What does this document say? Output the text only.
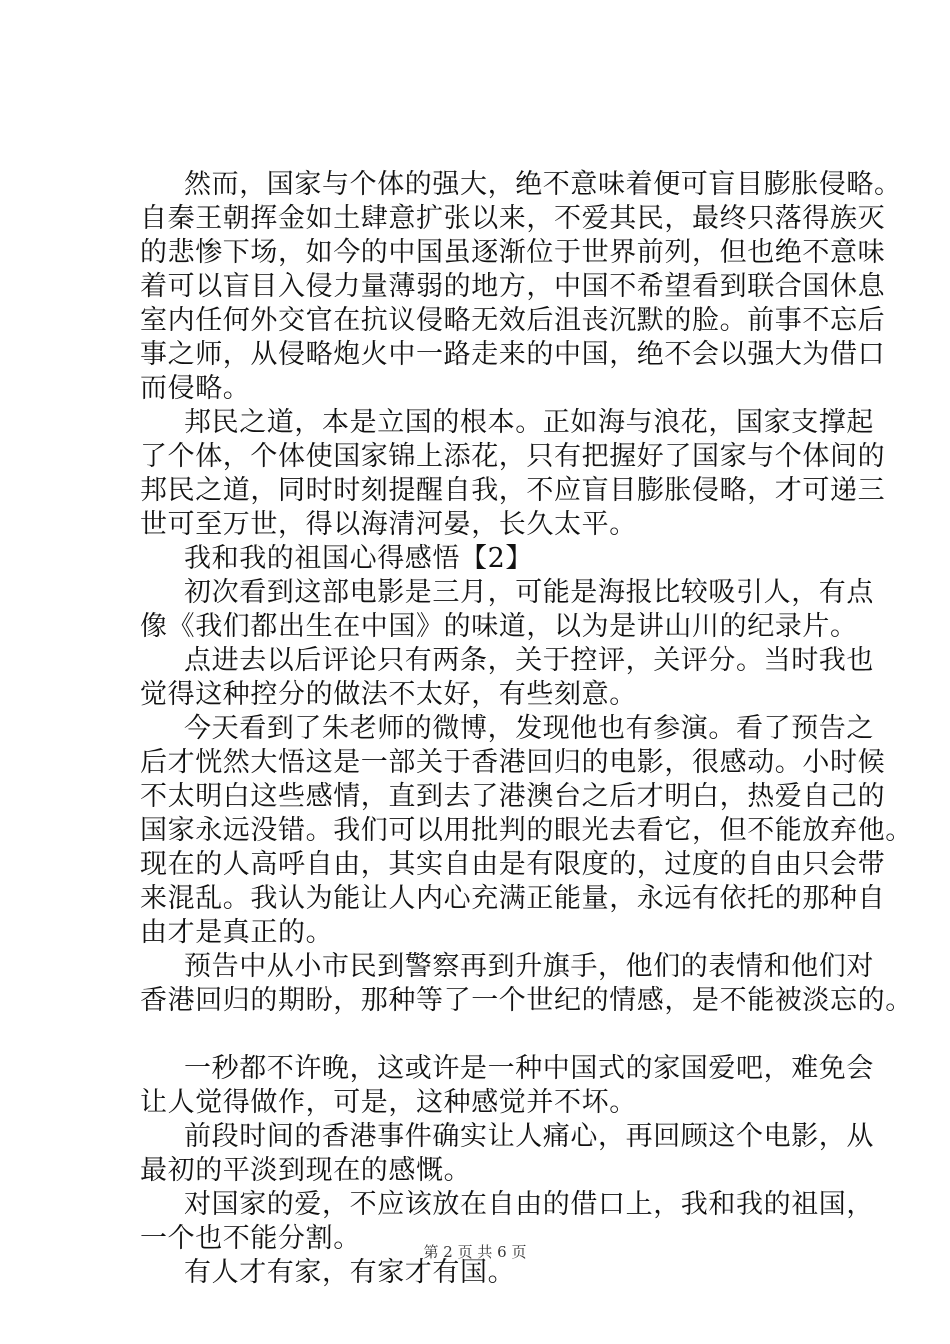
然而，国家与个体的强大，绝不意味着便可盲目膨胀侵略。
自秦王朝挥金如土肆意扩张以来，不爱其民，最终只落得族灭
的悲惨下场，如今的中国虽逐渐位于世界前列，但也绝不意味
着可以盲目入侵力量薄弱的地方，中国不希望看到联合国休息
室内任何外交官在抗议侵略无效后沮丧沉默的脸。前事不忘后
事之师，从侵略炮火中一路走来的中国，绝不会以强大为借口
而侵略。
邦民之道，本是立国的根本。正如海与浪花，国家支撑起
了个体，个体使国家锦上添花，只有把握好了国家与个体间的
邦民之道，同时时刻提醒自我，不应盲目膨胀侵略，才可递三
世可至万世，得以海清河晏，长久太平。
我和我的祖国心得感悟【2】
初次看到这部电影是三月，可能是海报比较吸引人，有点
像《我们都出生在中国》的味道，以为是讲山川的纪录片。
点进去以后评论只有两条，关于控评，关评分。当时我也
觉得这种控分的做法不太好，有些刻意。
今天看到了朱老师的微博，发现他也有参演。看了预告之
后才恍然大悟这是一部关于香港回归的电影，很感动。小时候
不太明白这些感情，直到去了港澳台之后才明白，热爱自己的
国家永远没错。我们可以用批判的眼光去看它，但不能放弃他。
现在的人高呼自由，其实自由是有限度的，过度的自由只会带
来混乱。我认为能让人内心充满正能量，永远有依托的那种自
由才是真正的。
预告中从小市民到警察再到升旗手，他们的表情和他们对
香港回归的期盼，那种等了一个世纪的情感，是不能被淡忘的。
一秒都不许晚，这或许是一种中国式的家国爱吧，难免会
让人觉得做作，可是，这种感觉并不坏。
前段时间的香港事件确实让人痛心，再回顾这个电影，从
最初的平淡到现在的感慨。
对国家的爱，不应该放在自由的借口上，我和我的祖国，
一个也不能分割。
有人才有家，有家才有国。
第 2 页 共 6 页
